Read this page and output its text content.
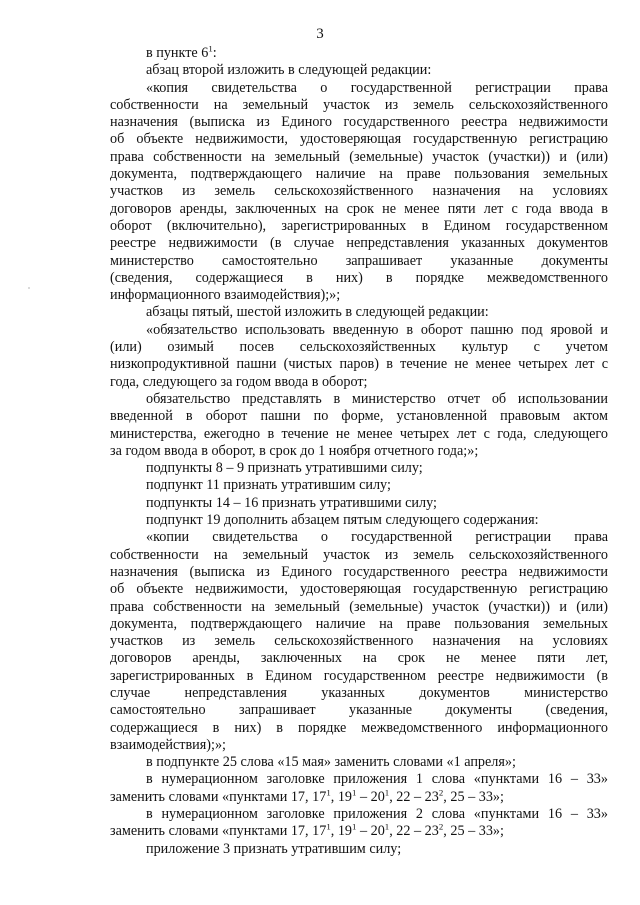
3
в пункте $6^1$:
абзац второй изложить в следующей редакции:
«копия свидетельства о государственной регистрации права
собственности на земельный участок из земель сельскохозяйственного
назначения (выписка из Единого государственного реестра недвижимости
об объекте недвижимости, удостоверяющая государственную регистрацию
права собственности на земельный (земельные) участок (участки)) и (или)
документа, подтверждающего наличие на праве пользования земельных
участков из земель сельскохозяйственного назначения на условиях
договоров аренды, заключенных на срок не менее пяти лет с года ввода в
оборот (включительно), зарегистрированных в Едином государственном
реестре недвижимости (в случае непредставления указанных документов
министерство самостоятельно запрашивает указанные документы
(сведения, содержащиеся в них) в порядке межведомственного
информационного взаимодействия);»;
абзацы пятый, шестой изложить в следующей редакции:
«обязательство использовать введенную в оборот пашню под яровой и
(или) озимый посев сельскохозяйственных культур с учетом
низкопродуктивной пашни (чистых паров) в течение не менее четырех лет с
года, следующего за годом ввода в оборот;
обязательство представлять в министерство отчет об использовании
введенной в оборот пашни по форме, установленной правовым актом
министерства, ежегодно в течение не менее четырех лет с года, следующего
за годом ввода в оборот, в срок до 1 ноября отчетного года;»;
подпункты 8 – 9 признать утратившими силу;
подпункт 11 признать утратившим силу;
подпункты 14 – 16 признать утратившими силу;
подпункт 19 дополнить абзацем пятым следующего содержания:
«копии свидетельства о государственной регистрации права
собственности на земельный участок из земель сельскохозяйственного
назначения (выписка из Единого государственного реестра недвижимости
об объекте недвижимости, удостоверяющая государственную регистрацию
права собственности на земельный (земельные) участок (участки)) и (или)
документа, подтверждающего наличие на праве пользования земельных
участков из земель сельскохозяйственного назначения на условиях
договоров аренды, заключенных на срок не менее пяти лет,
зарегистрированных в Едином государственном реестре недвижимости (в
случае непредставления указанных документов министерство
самостоятельно запрашивает указанные документы (сведения,
содержащиеся в них) в порядке межведомственного информационного
взаимодействия);»;
в подпункте 25 слова «15 мая» заменить словами «1 апреля»;
в нумерационном заголовке приложения 1 слова «пунктами 16 – 33»
заменить словами «пунктами 17, $17^1$, $19^1 - 20^1$, $22 - 23^2$, 25 – 33»;
в нумерационном заголовке приложения 2 слова «пунктами 16 – 33»
заменить словами «пунктами 17, $17^1$, $19^1 - 20^1$, $22 - 23^2$, 25 – 33»;
приложение 3 признать утратившим силу;
